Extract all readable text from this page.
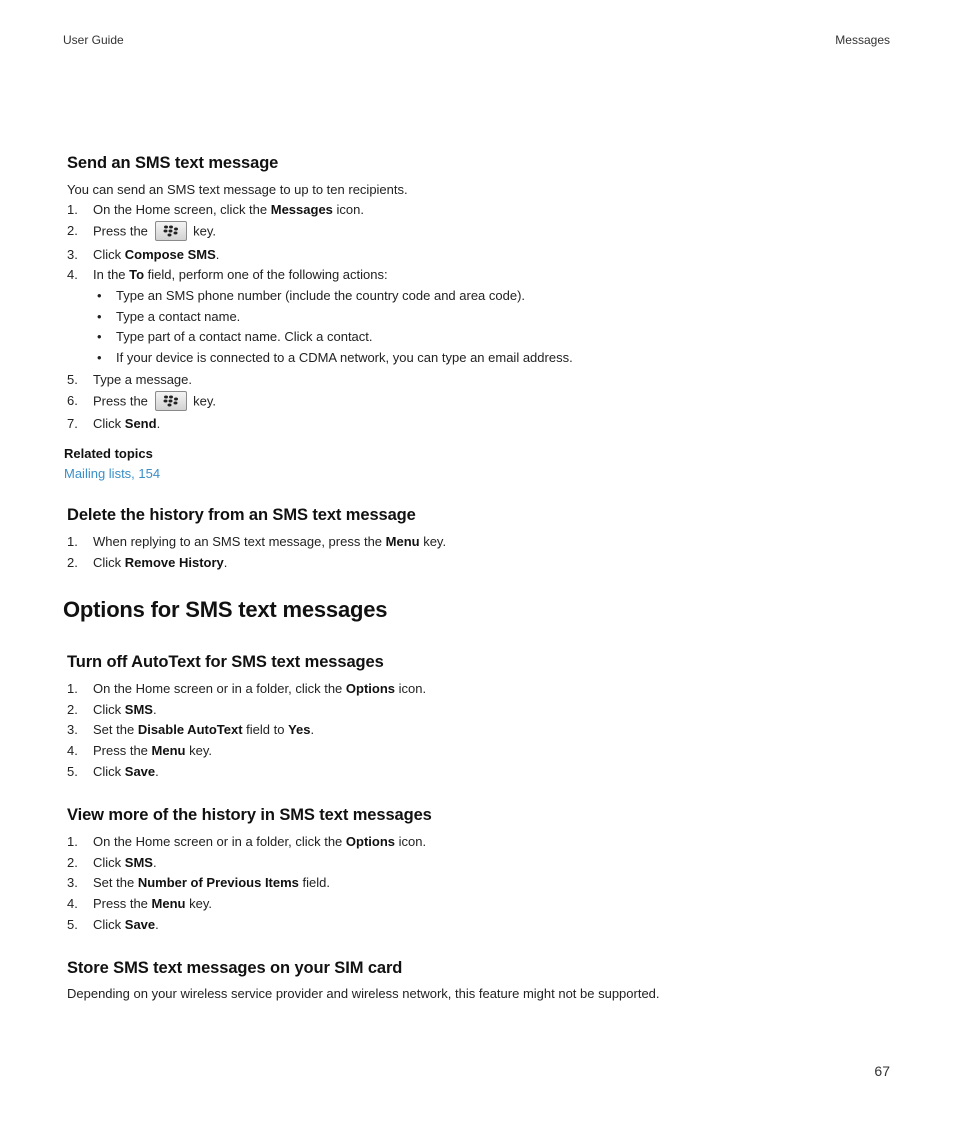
User Guide	Messages
Send an SMS text message
You can send an SMS text message to up to ten recipients.
1. On the Home screen, click the Messages icon.
2. Press the	key.
3. Click Compose SMS.
4. In the To field, perform one of the following actions:
• Type an SMS phone number (include the country code and area code).
• Type a contact name.
• Type part of a contact name. Click a contact.
• If your device is connected to a CDMA network, you can type an email address.
5. Type a message.
6. Press the	key.
7. Click Send.
Related topics
Mailing lists, 154
Delete the history from an SMS text message
1. When replying to an SMS text message, press the Menu key.
2. Click Remove History.
Options for SMS text messages
Turn off AutoText for SMS text messages
1. On the Home screen or in a folder, click the Options icon.
2. Click SMS.
3. Set the Disable AutoText field to Yes.
4. Press the Menu key.
5. Click Save.
View more of the history in SMS text messages
1. On the Home screen or in a folder, click the Options icon.
2. Click SMS.
3. Set the Number of Previous Items field.
4. Press the Menu key.
5. Click Save.
Store SMS text messages on your SIM card
Depending on your wireless service provider and wireless network, this feature might not be supported.
67
